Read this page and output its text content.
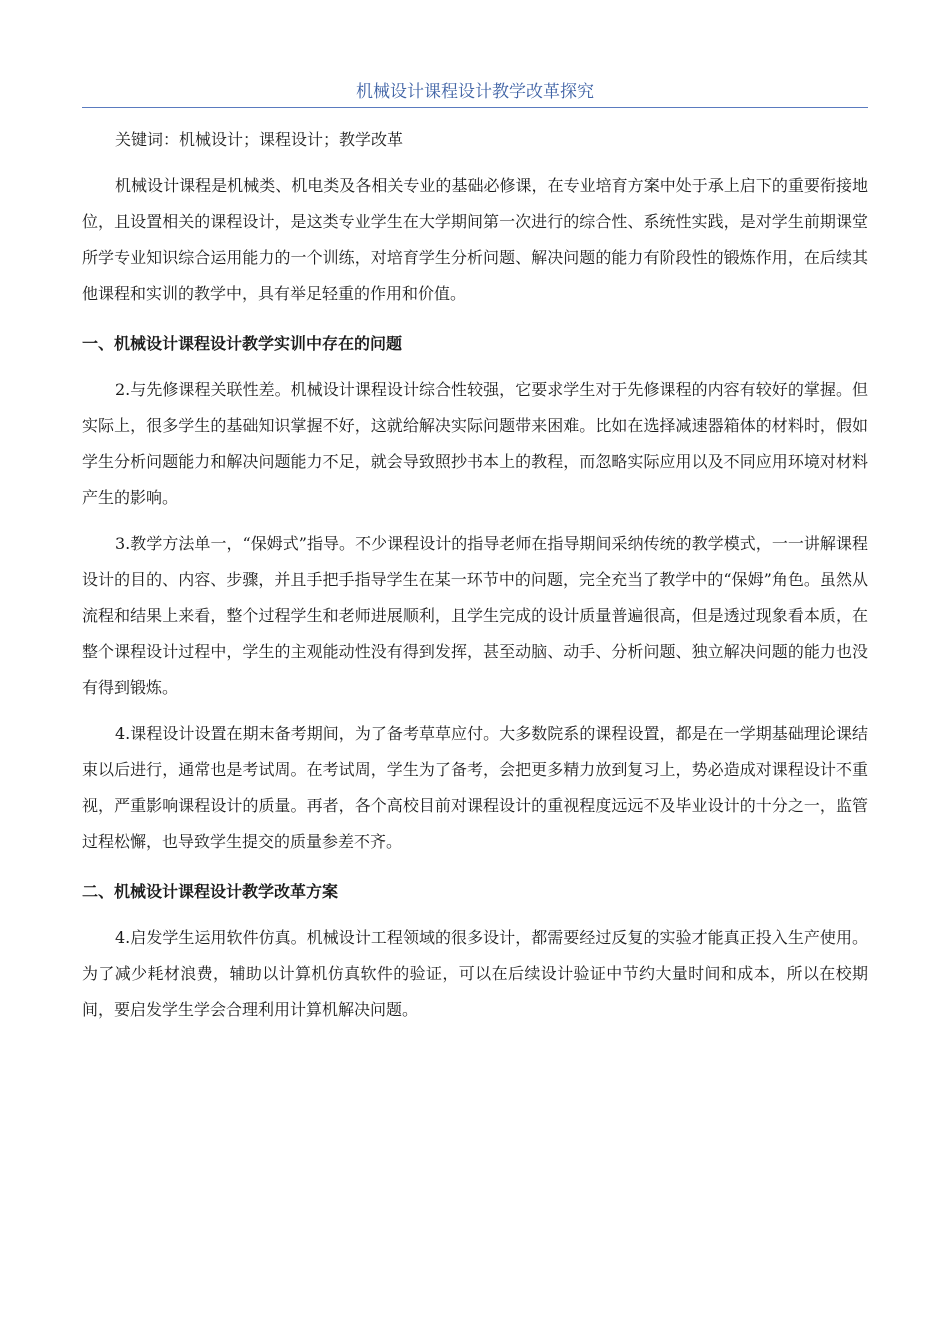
机械设计课程设计教学改革探究

关键词：机械设计；课程设计；教学改革

机械设计课程是机械类、机电类及各相关专业的基础必修课，在专业培育方案中处于承上启下的重要衔接地位，且设置相关的课程设计，是这类专业学生在大学期间第一次进行的综合性、系统性实践，是对学生前期课堂所学专业知识综合运用能力的一个训练，对培育学生分析问题、解决问题的能力有阶段性的锻炼作用，在后续其他课程和实训的教学中，具有举足轻重的作用和价值。

一、机械设计课程设计教学实训中存在的问题

2.与先修课程关联性差。机械设计课程设计综合性较强，它要求学生对于先修课程的内容有较好的掌握。但实际上，很多学生的基础知识掌握不好，这就给解决实际问题带来困难。比如在选择减速器箱体的材料时，假如学生分析问题能力和解决问题能力不足，就会导致照抄书本上的教程，而忽略实际应用以及不同应用环境对材料产生的影响。

3.教学方法单一，“保姆式”指导。不少课程设计的指导老师在指导期间采纳传统的教学模式，一一讲解课程设计的目的、内容、步骤，并且手把手指导学生在某一环节中的问题，完全充当了教学中的“保姆”角色。虽然从流程和结果上来看，整个过程学生和老师进展顺利，且学生完成的设计质量普遍很高，但是透过现象看本质，在整个课程设计过程中，学生的主观能动性没有得到发挥，甚至动脑、动手、分析问题、独立解决问题的能力也没有得到锻炼。

4.课程设计设置在期末备考期间，为了备考草草应付。大多数院系的课程设置，都是在一学期基础理论课结束以后进行，通常也是考试周。在考试周，学生为了备考，会把更多精力放到复习上，势必造成对课程设计不重视，严重影响课程设计的质量。再者，各个高校目前对课程设计的重视程度远远不及毕业设计的十分之一，监管过程松懈，也导致学生提交的质量参差不齐。

二、机械设计课程设计教学改革方案

4.启发学生运用软件仿真。机械设计工程领域的很多设计，都需要经过反复的实验才能真正投入生产使用。为了减少耗材浪费，辅助以计算机仿真软件的验证，可以在后续设计验证中节约大量时间和成本，所以在校期间，要启发学生学会合理利用计算机解决问题。
